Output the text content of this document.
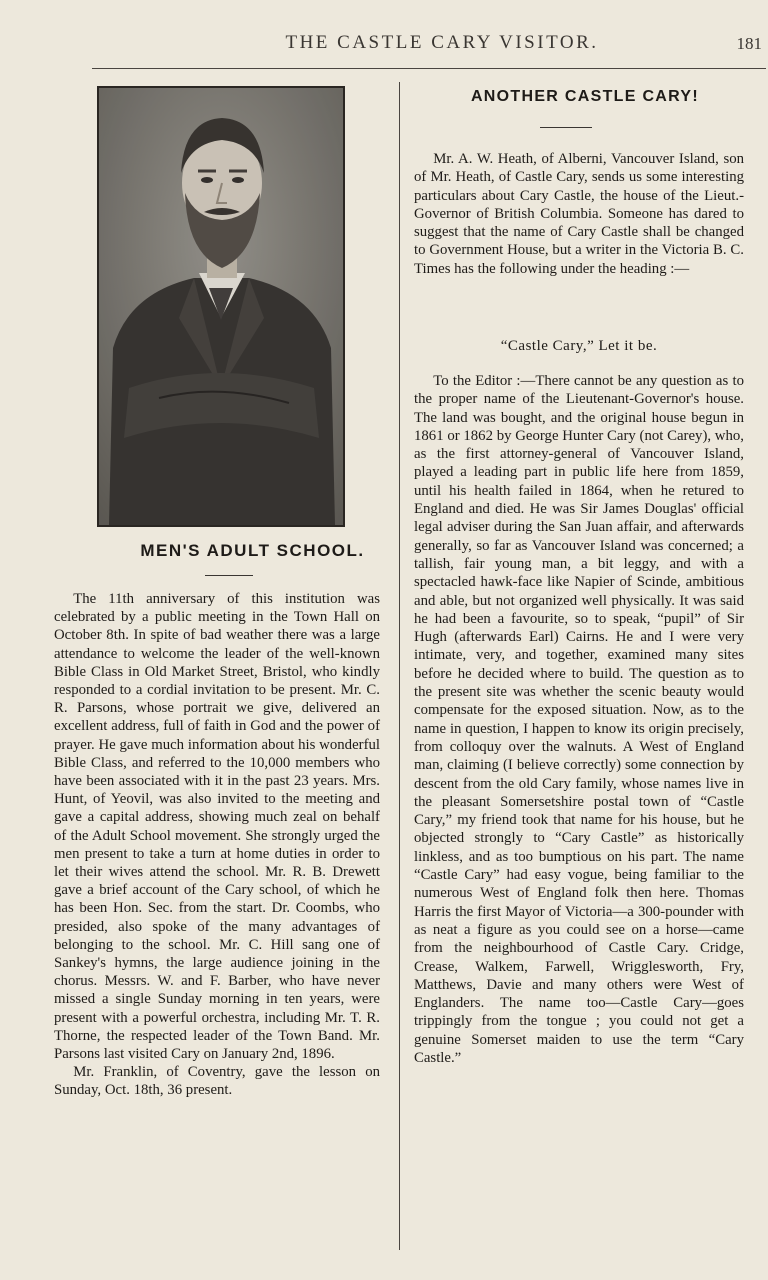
THE CASTLE CARY VISITOR.	181
MEN'S ADULT SCHOOL.

The 11th anniversary of this institution was celebrated by a public meeting in the Town Hall on October 8th. In spite of bad weather there was a large attendance to welcome the leader of the well-known Bible Class in Old Market Street, Bristol, who kindly responded to a cordial invitation to be present. Mr. C. R. Parsons, whose portrait we give, delivered an excellent address, full of faith in God and the power of prayer. He gave much information about his wonderful Bible Class, and referred to the 10,000 members who have been associated with it in the past 23 years. Mrs. Hunt, of Yeovil, was also invited to the meeting and gave a capital address, showing much zeal on behalf of the Adult School movement. She strongly urged the men present to take a turn at home duties in order to let their wives attend the school. Mr. R. B. Drewett gave a brief account of the Cary school, of which he has been Hon. Sec. from the start. Dr. Coombs, who presided, also spoke of the many advantages of belonging to the school. Mr. C. Hill sang one of Sankey's hymns, the large audience joining in the chorus. Messrs. W. and F. Barber, who have never missed a single Sunday morning in ten years, were present with a powerful orchestra, including Mr. T. R. Thorne, the respected leader of the Town Band. Mr. Parsons last visited Cary on January 2nd, 1896.

Mr. Franklin, of Coventry, gave the lesson on Sunday, Oct. 18th, 36 present.

ANOTHER CASTLE CARY!

Mr. A. W. Heath, of Alberni, Vancouver Island, son of Mr. Heath, of Castle Cary, sends us some interesting particulars about Cary Castle, the house of the Lieut.-Governor of British Columbia. Someone has dared to suggest that the name of Cary Castle shall be changed to Government House, but a writer in the Victoria B. C. Times has the following under the heading :—

“Castle Cary,” Let it be.

To the Editor :—There cannot be any question as to the proper name of the Lieutenant-Governor's house. The land was bought, and the original house begun in 1861 or 1862 by George Hunter Cary (not Carey), who, as the first attorney-general of Vancouver Island, played a leading part in public life here from 1859, until his health failed in 1864, when he retured to England and died. He was Sir James Douglas' official legal adviser during the San Juan affair, and afterwards generally, so far as Vancouver Island was concerned; a tallish, fair young man, a bit leggy, and with a spectacled hawk-face like Napier of Scinde, ambitious and able, but not organized well physically. It was said he had been a favourite, so to speak, “pupil” of Sir Hugh (afterwards Earl) Cairns. He and I were very intimate, very, and together, examined many sites before he decided where to build. The question as to the present site was whether the scenic beauty would compensate for the exposed situation. Now, as to the name in question, I happen to know its origin precisely, from colloquy over the walnuts. A West of England man, claiming (I believe correctly) some connection by descent from the old Cary family, whose names live in the pleasant Somersetshire postal town of “Castle Cary,” my friend took that name for his house, but he objected strongly to “Cary Castle” as historically linkless, and as too bumptious on his part. The name “Castle Cary” had easy vogue, being familiar to the numerous West of England folk then here. Thomas Harris the first Mayor of Victoria—a 300-pounder with as neat a figure as you could see on a horse—came from the neighbourhood of Castle Cary. Cridge, Crease, Walkem, Farwell, Wrigglesworth, Fry, Matthews, Davie and many others were West of Englanders. The name too—Castle Cary—goes trippingly from the tongue ; you could not get a genuine Somerset maiden to use the term “Cary Castle.”
